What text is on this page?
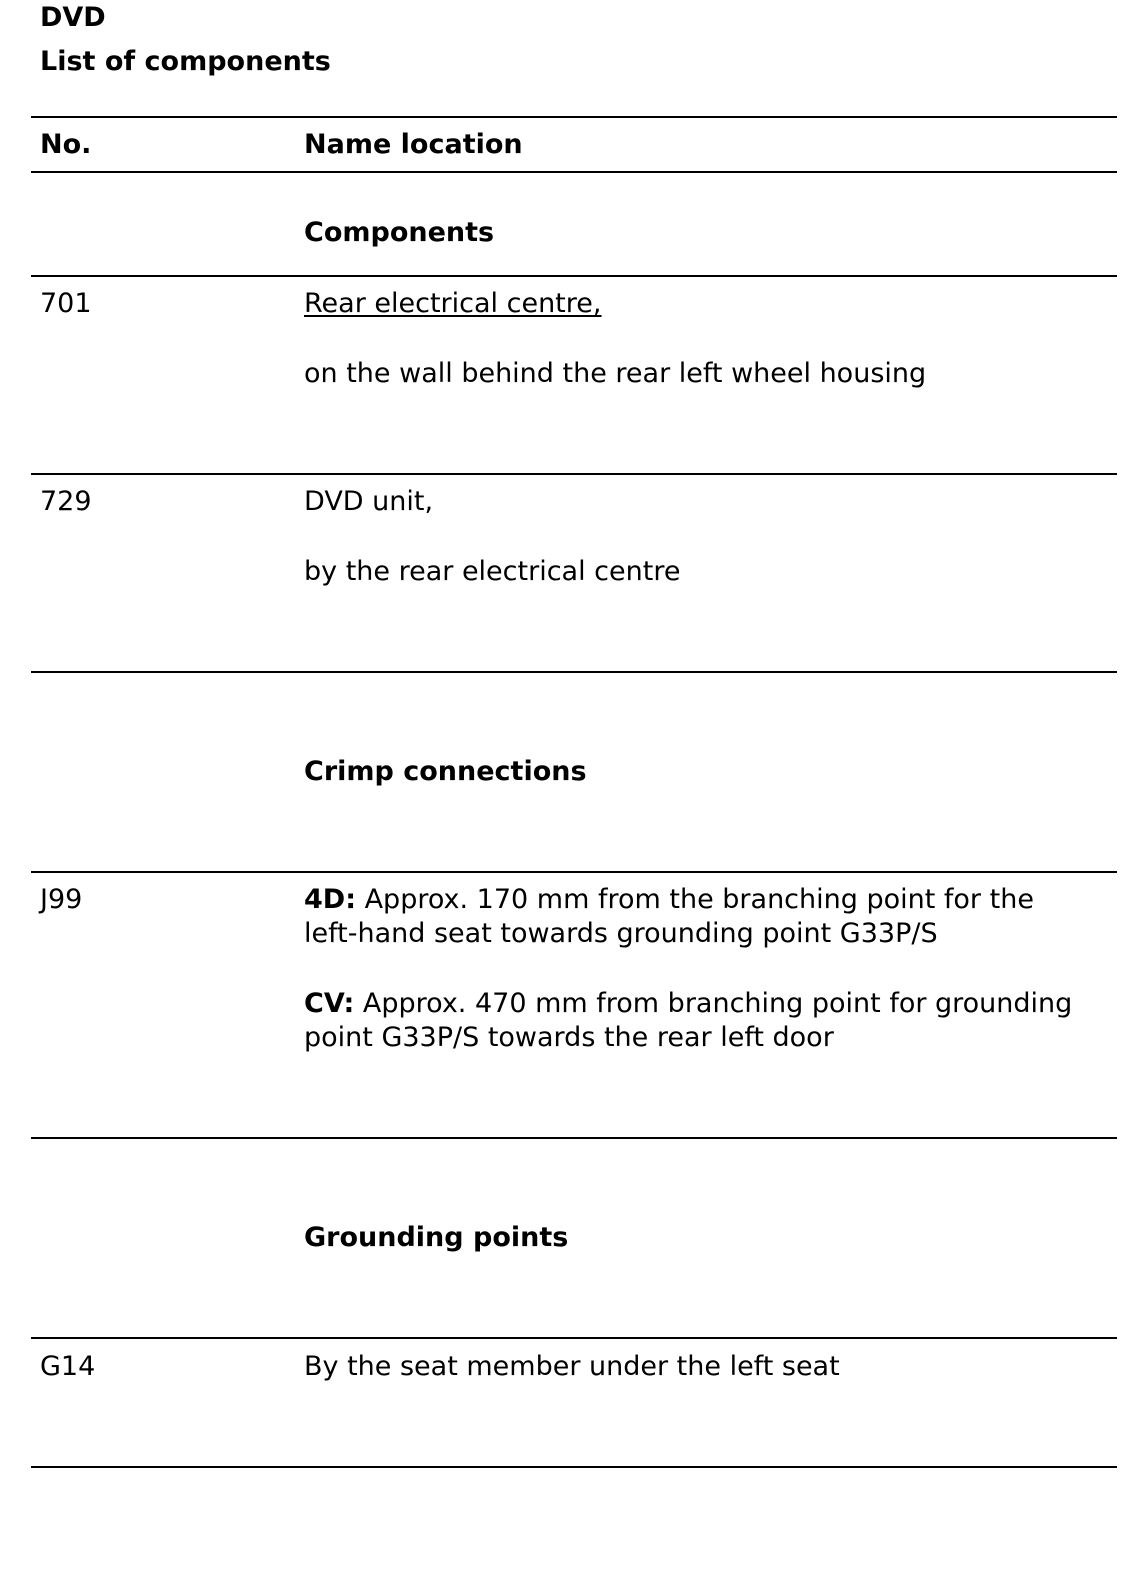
DVD
List of components
No.	Name location
Components
701	Rear electrical centre,
on the wall behind the rear left wheel housing
729	DVD unit,
by the rear electrical centre
Crimp connections
J99	4D: Approx. 170 mm from the branching point for the
left-hand seat towards grounding point G33P/S
CV: Approx. 470 mm from branching point for grounding
point G33P/S towards the rear left door
Grounding points
G14	By the seat member under the left seat
